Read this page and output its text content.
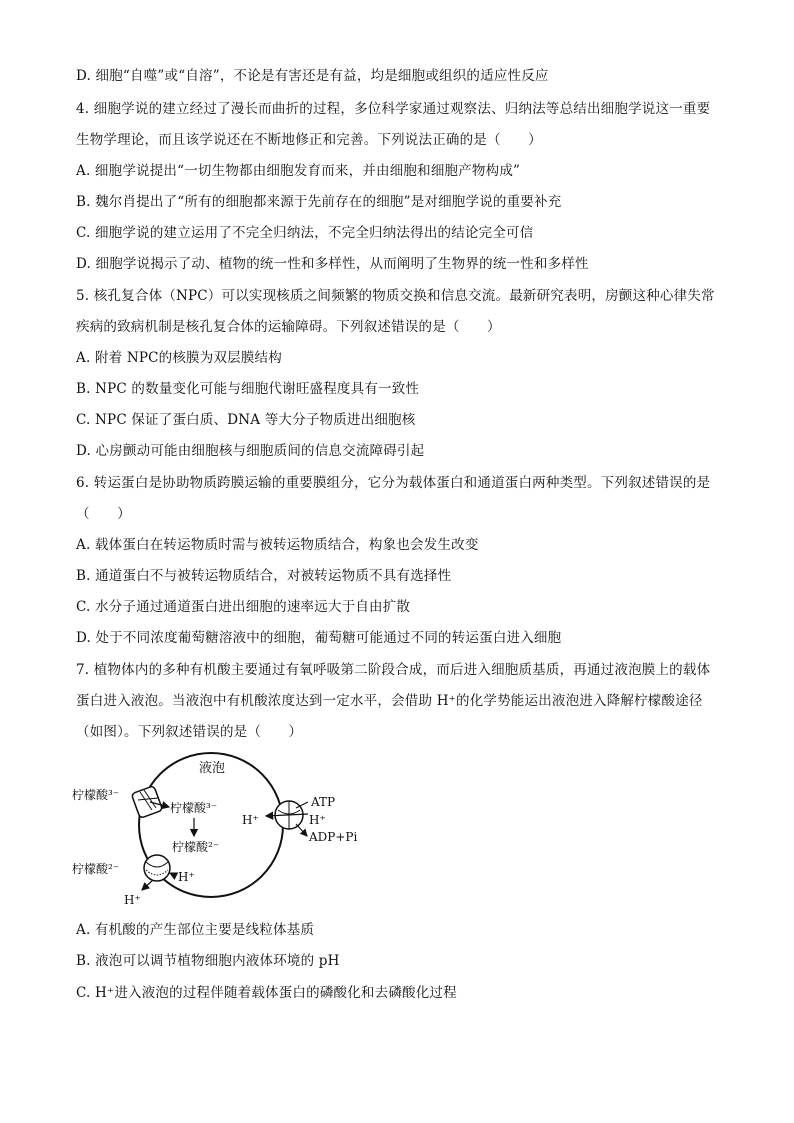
D. 细胞“自噬”或“自溶”，不论是有害还是有益，均是细胞或组织的适应性反应
4. 细胞学说的建立经过了漫长而曲折的过程，多位科学家通过观察法、归纳法等总结出细胞学说这一重要
生物学理论，而且该学说还在不断地修正和完善。下列说法正确的是（　　）
A. 细胞学说提出“一切生物都由细胞发育而来，并由细胞和细胞产物构成”
B. 魏尔肖提出了“所有的细胞都来源于先前存在的细胞”是对细胞学说的重要补充
C. 细胞学说的建立运用了不完全归纳法，不完全归纳法得出的结论完全可信
D. 细胞学说揭示了动、植物的统一性和多样性，从而阐明了生物界的统一性和多样性
5. 核孔复合体（NPC）可以实现核质之间频繁的物质交换和信息交流。最新研究表明，房颤这种心律失常
疾病的致病机制是核孔复合体的运输障碍。下列叙述错误的是（　　）
A. 附着 NPC的核膜为双层膜结构
B. NPC 的数量变化可能与细胞代谢旺盛程度具有一致性
C. NPC 保证了蛋白质、DNA 等大分子物质进出细胞核
D. 心房颤动可能由细胞核与细胞质间的信息交流障碍引起
6. 转运蛋白是协助物质跨膜运输的重要膜组分，它分为载体蛋白和通道蛋白两种类型。下列叙述错误的是
（　　）
A. 载体蛋白在转运物质时需与被转运物质结合，构象也会发生改变
B. 通道蛋白不与被转运物质结合，对被转运物质不具有选择性
C. 水分子通过通道蛋白进出细胞的速率远大于自由扩散
D. 处于不同浓度葡萄糖溶液中的细胞，葡萄糖可能通过不同的转运蛋白进入细胞
7. 植物体内的多种有机酸主要通过有氧呼吸第二阶段合成，而后进入细胞质基质，再通过液泡膜上的载体
蛋白进入液泡。当液泡中有机酸浓度达到一定水平，会借助 H⁺的化学势能运出液泡进入降解柠檬酸途径
（如图）。下列叙述错误的是（　　）
液泡
柠檬酸³⁻
柠檬酸³⁻
柠檬酸²⁻
柠檬酸²⁻
H⁺
H⁺
ATP
ADP+Pi
H⁺	H⁺
A. 有机酸的产生部位主要是线粒体基质
B. 液泡可以调节植物细胞内液体环境的 pH
C. H⁺进入液泡的过程伴随着载体蛋白的磷酸化和去磷酸化过程
